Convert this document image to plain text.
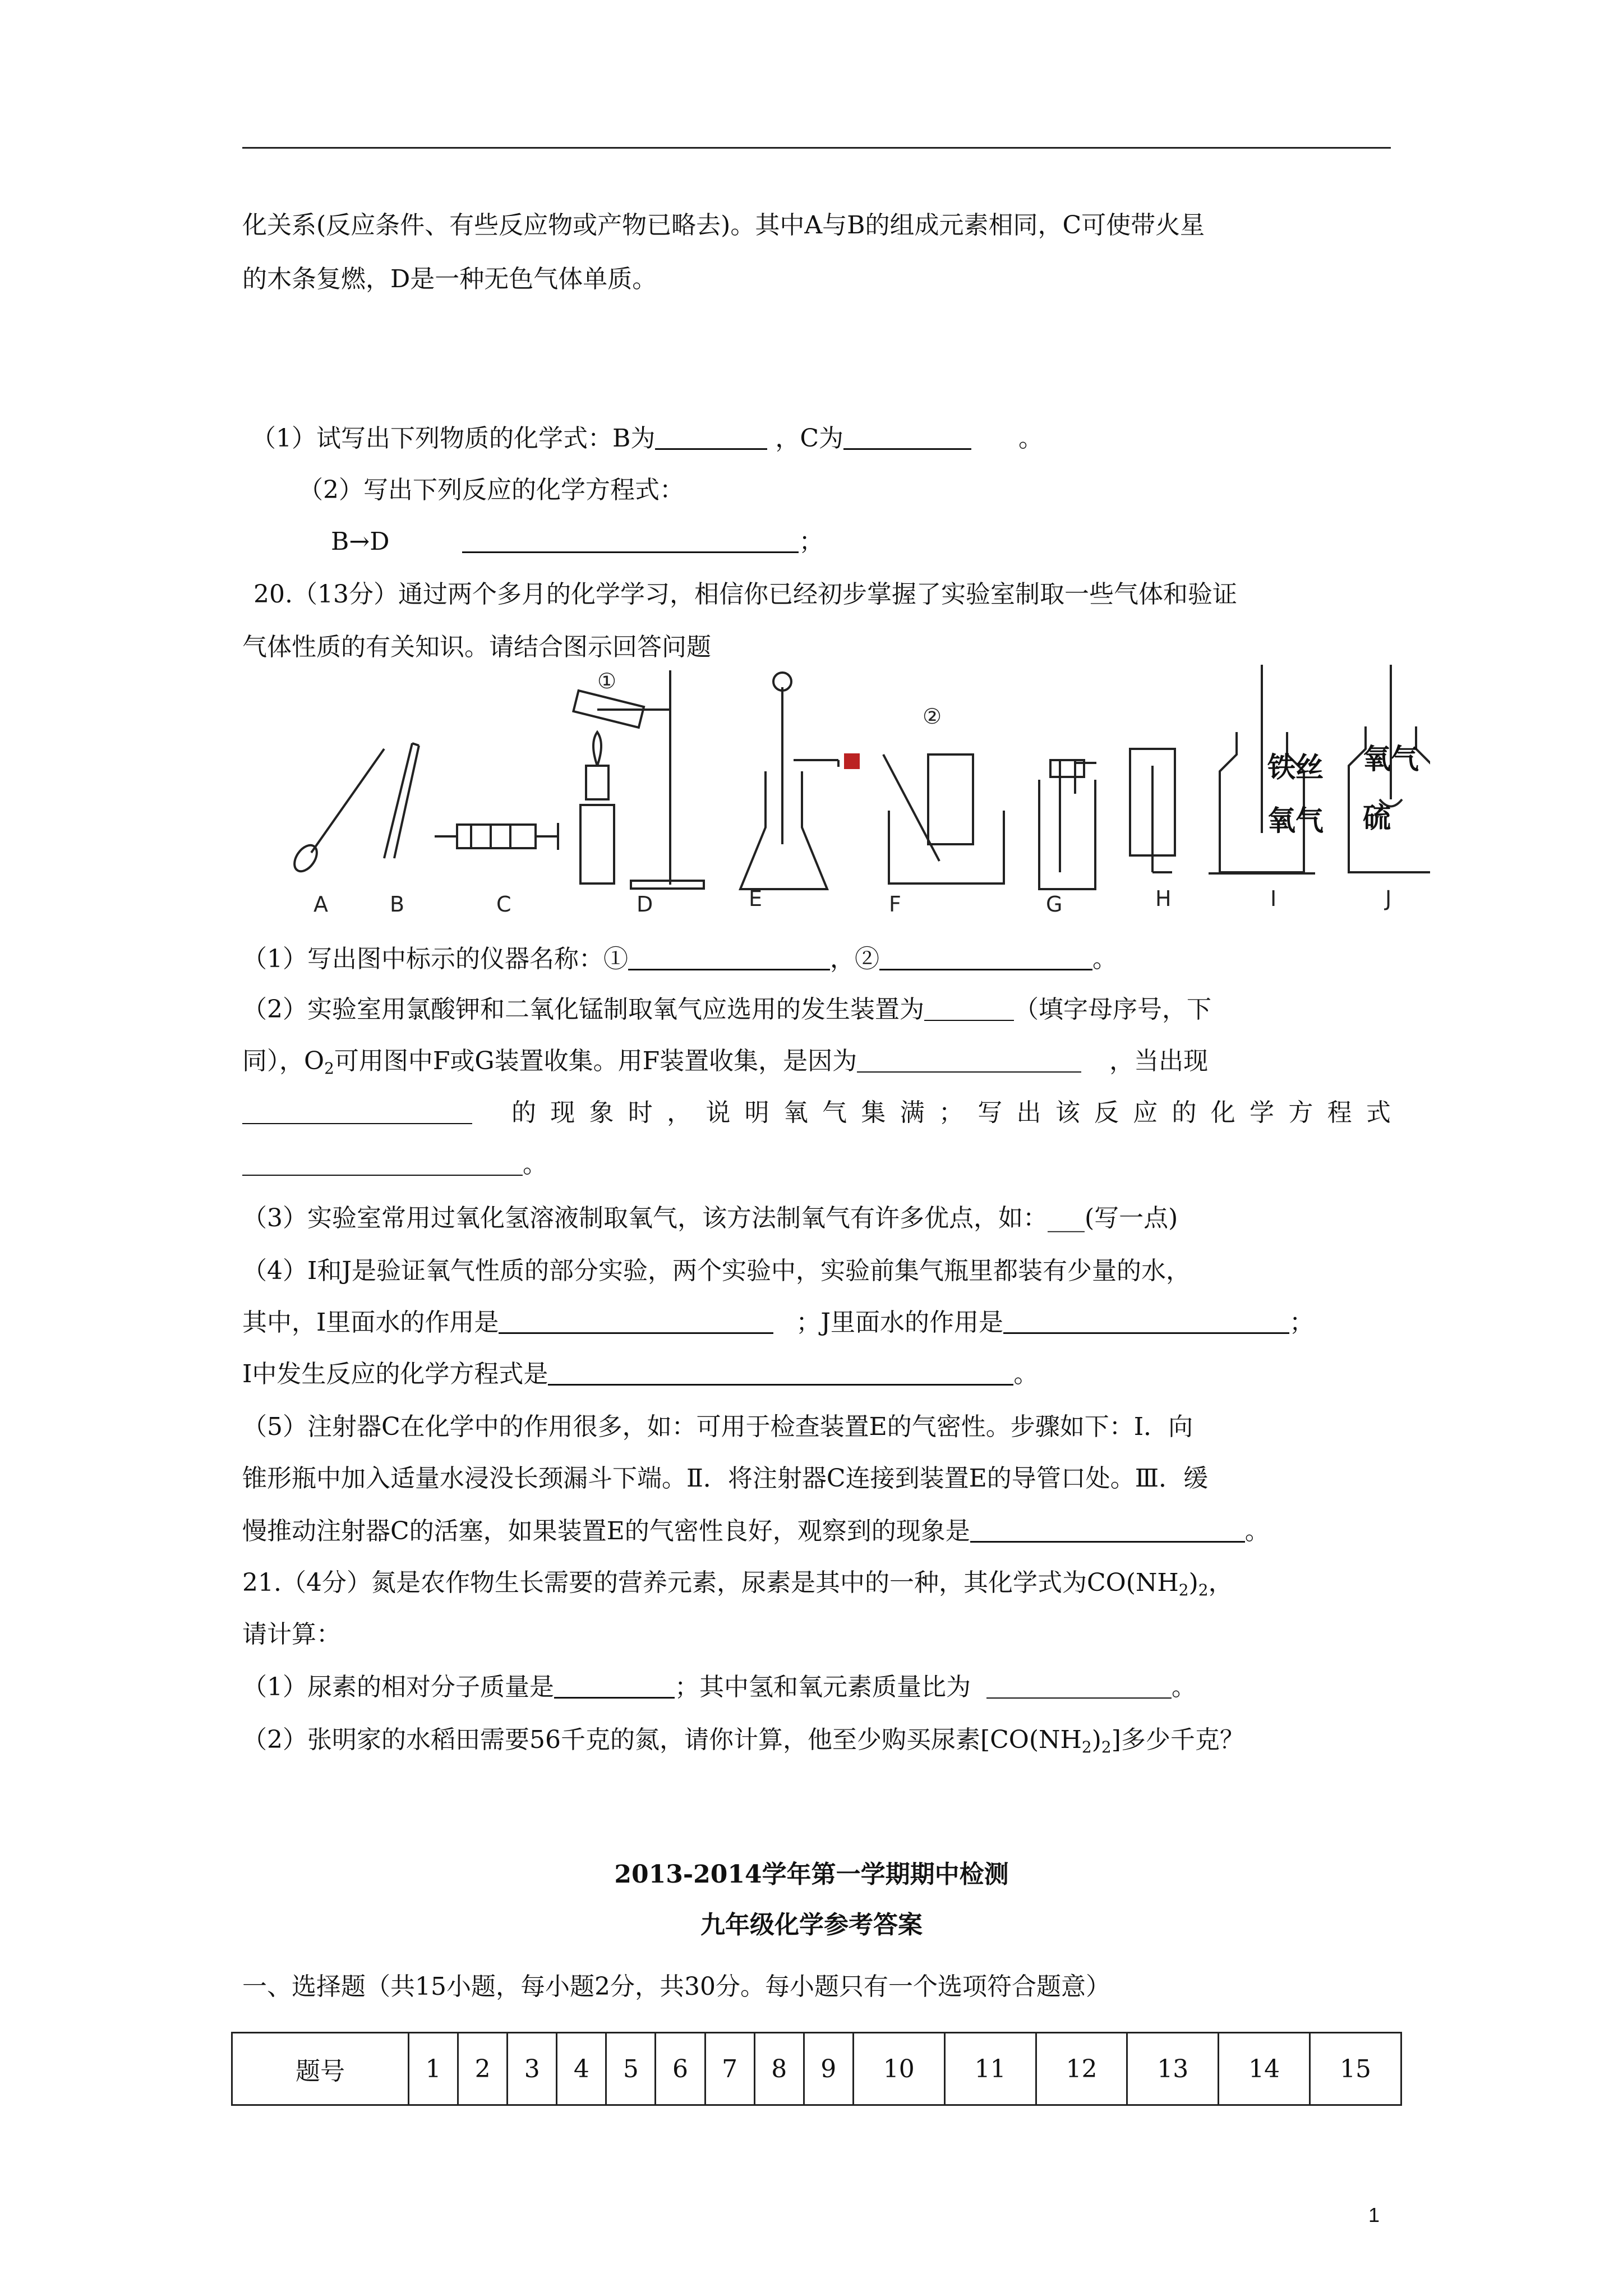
化关系(反应条件、有些反应物或产物已略去)。其中A与B的组成元素相同，C可使带火星
的木条复燃，D是一种无色气体单质。
（1）试写出下列物质的化学式：B为	，C为	。
（2）写出下列反应的化学方程式：
B→D	；
20.（13分）通过两个多月的化学学习，相信你已经初步掌握了实验室制取一些气体和验证
气体性质的有关知识。请结合图示回答问题
A	B	C	D	E	F	G	H	I	J
①
②
铁丝
氧气
氧气
硫
（1）写出图中标示的仪器名称：①	，②	。
（2）实验室用氯酸钾和二氧化锰制取氧气应选用的发生装置为	（填字母序号，下
同），$O_2$可用图中F或G装置收集。用F装置收集，是因为	，当出现
的 现 象 时 ， 说 明 氧 气 集 满 ； 写 出 该 反 应 的 化 学 方 程 式
。
（3）实验室常用过氧化氢溶液制取氧气，该方法制氧气有许多优点，如：___(写一点)
（4）I和J是验证氧气性质的部分实验，两个实验中，实验前集气瓶里都装有少量的水，
其中，I里面水的作用是	；J里面水的作用是	；
I中发生反应的化学方程式是	。
（5）注射器C在化学中的作用很多，如：可用于检查装置E的气密性。步骤如下：Ⅰ．向
锥形瓶中加入适量水浸没长颈漏斗下端。Ⅱ．将注射器C连接到装置E的导管口处。Ⅲ．缓
慢推动注射器C的活塞，如果装置E的气密性良好，观察到的现象是	。
21.（4分）氮是农作物生长需要的营养元素，尿素是其中的一种，其化学式为$CO(NH_2)_2$，
请计算：
（1）尿素的相对分子质量是	；其中氢和氧元素质量比为	。
（2）张明家的水稻田需要56千克的氮，请你计算，他至少购买尿素$[CO(NH_2)_2]$多少千克？
2013-2014学年第一学期期中检测
九年级化学参考答案
一、选择题（共15小题，每小题2分，共30分。每小题只有一个选项符合题意）
题号	1	2	3	4	5	6	7	8	9	10	11	12	13	14	15
1
